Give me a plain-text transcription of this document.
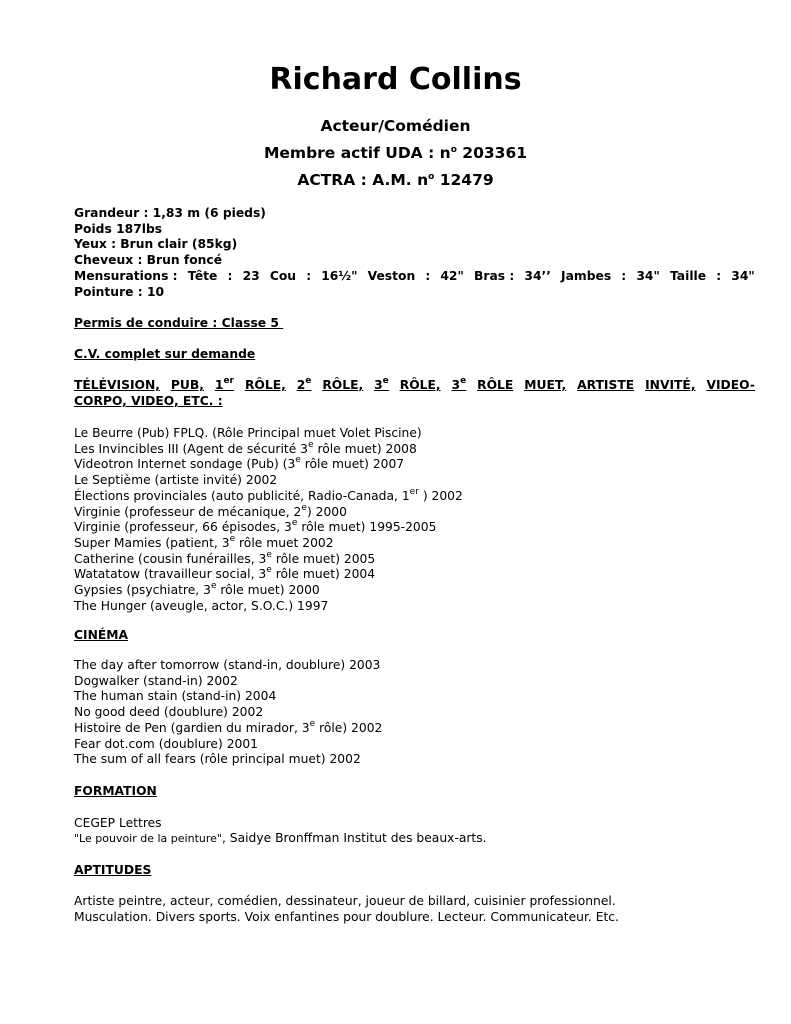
Richard Collins
Acteur/Comédien
Membre actif UDA : $n^o$ 203361
ACTRA : A.M. $n^o$ 12479
Grandeur : 1,83 m (6 pieds)
Poids 187lbs
Yeux : Brun clair (85kg)
Cheveux : Brun foncé
Mensurations : Tête : 23 Cou : 16½" Veston : 42" Bras : 34’’ Jambes : 34" Taille : 34"
Pointure : 10
Permis de conduire : Classe 5
C.V. complet sur demande
TÉLÉVISION, PUB, 1er RÔLE, 2e RÔLE, 3e RÔLE, 3e RÔLE MUET, ARTISTE INVITÉ, VIDEO-
CORPO, VIDEO, ETC. :
Le Beurre (Pub) FPLQ. (Rôle Principal muet Volet Piscine)
Les Invincibles III (Agent de sécurité 3e rôle muet) 2008
Videotron Internet sondage (Pub) (3e rôle muet) 2007
Le Septième (artiste invité) 2002
Élections provinciales (auto publicité, Radio-Canada, 1er ) 2002
Virginie (professeur de mécanique, 2e) 2000
Virginie (professeur, 66 épisodes, 3e rôle muet) 1995-2005
Super Mamies (patient, 3e rôle muet 2002
Catherine (cousin funérailles, 3e rôle muet) 2005
Watatatow (travailleur social, 3e rôle muet) 2004
Gypsies (psychiatre, 3e rôle muet) 2000
The Hunger (aveugle, actor, S.O.C.) 1997
CINÉMA
The day after tomorrow (stand-in, doublure) 2003
Dogwalker (stand-in) 2002
The human stain (stand-in) 2004
No good deed (doublure) 2002
Histoire de Pen (gardien du mirador, 3e rôle) 2002
Fear dot.com (doublure) 2001
The sum of all fears (rôle principal muet) 2002
FORMATION
CEGEP Lettres
"Le pouvoir de la peinture", Saidye Bronffman Institut des beaux-arts.
APTITUDES
Artiste peintre, acteur, comédien, dessinateur, joueur de billard, cuisinier professionnel.
Musculation. Divers sports. Voix enfantines pour doublure. Lecteur. Communicateur. Etc.
